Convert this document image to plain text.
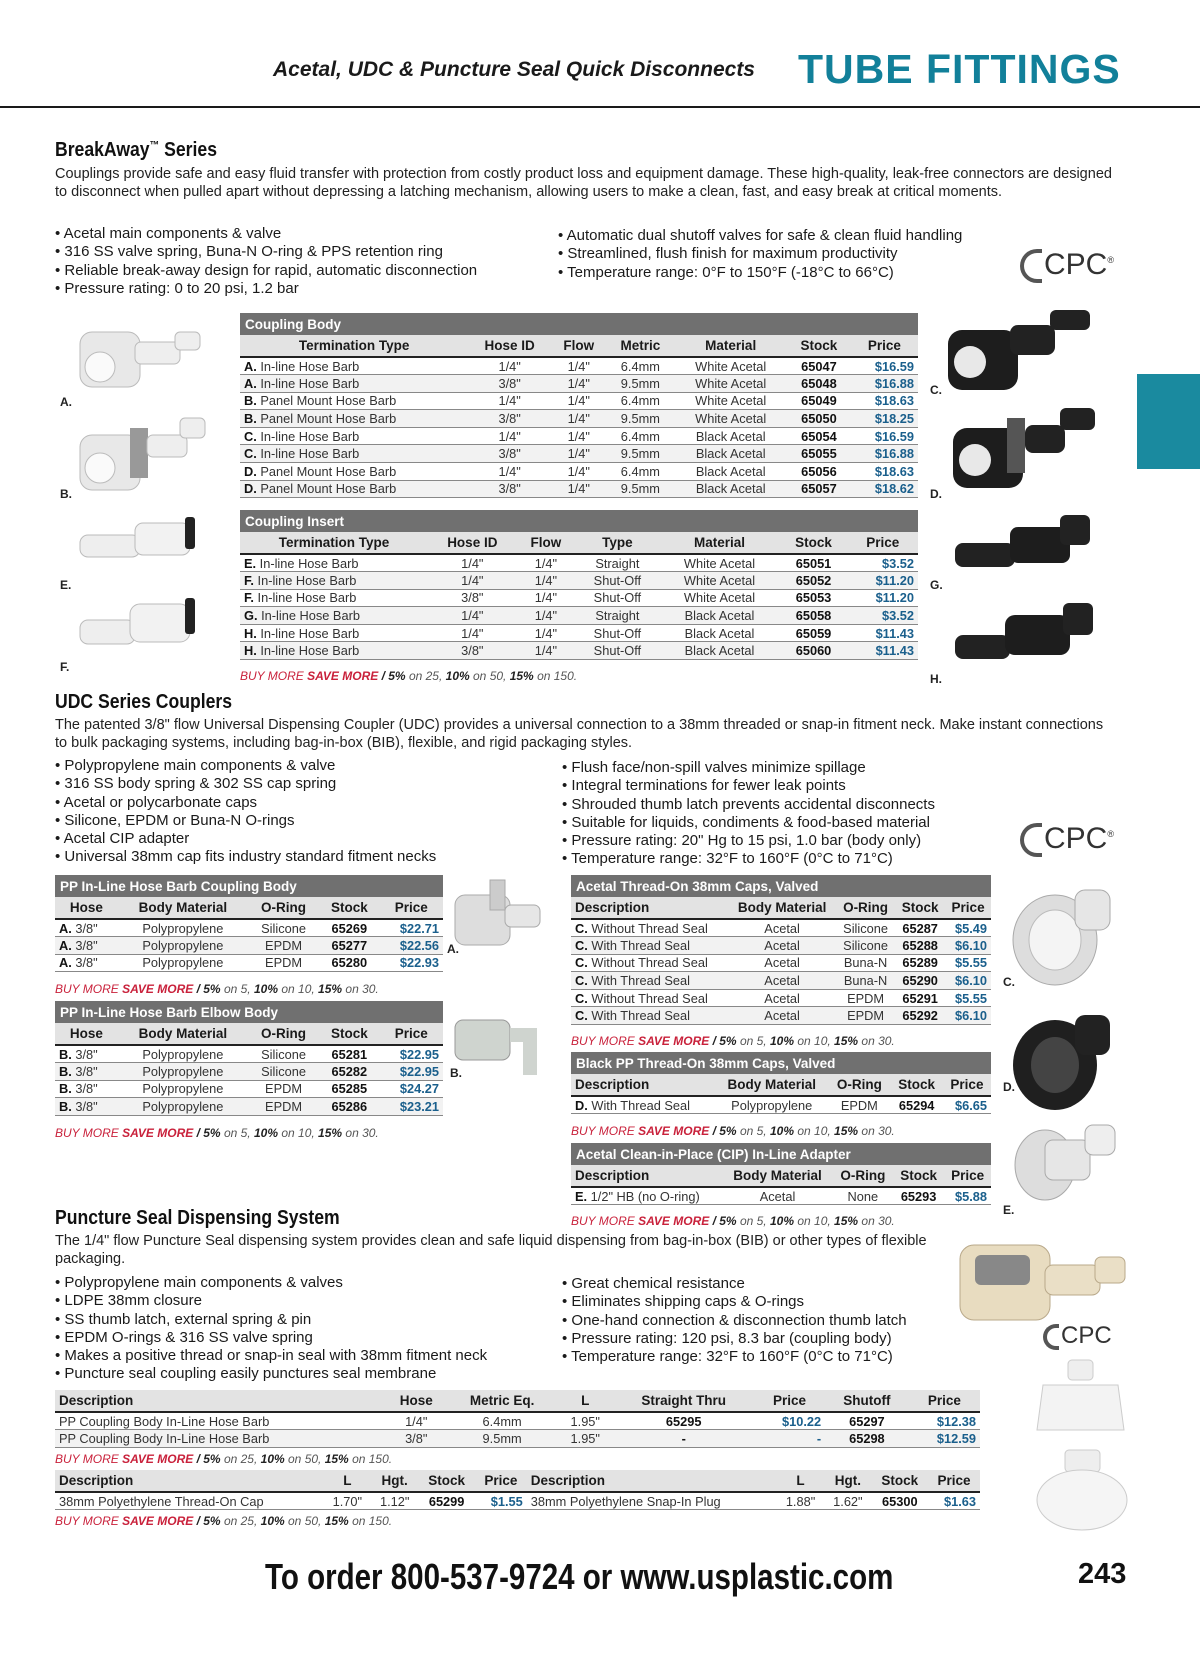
Acetal, UDC & Puncture Seal Quick Disconnects TUBE FITTINGS
BreakAway™ Series
Couplings provide safe and easy fluid transfer with protection from costly product loss and equipment damage. These high-quality, leak-free connectors are designed to disconnect when pulled apart without depressing a latching mechanism, allowing users to make a clean, fast, and easy break at critical moments.
• Acetal main components & valve
• 316 SS valve spring, Buna-N O-ring & PPS retention ring
• Reliable break-away design for rapid, automatic disconnection
• Pressure rating: 0 to 20 psi, 1.2 bar
• Automatic dual shutoff valves for safe & clean fluid handling
• Streamlined, flush finish for maximum productivity
• Temperature range: 0°F to 150°F (-18°C to 66°C)	CPC®
A.
B.
E.
F.
C.
D.
G.
H.
Coupling Body						
Termination Type	Hose ID	Flow	Metric	Material	Stock	Price
A. In-line Hose Barb	1/4"	1/4"	6.4mm	White Acetal	65047	$16.59
A. In-line Hose Barb	3/8"	1/4"	9.5mm	White Acetal	65048	$16.88
B. Panel Mount Hose Barb	1/4"	1/4"	6.4mm	White Acetal	65049	$18.63
B. Panel Mount Hose Barb	3/8"	1/4"	9.5mm	White Acetal	65050	$18.25
C. In-line Hose Barb	1/4"	1/4"	6.4mm	Black Acetal	65054	$16.59
C. In-line Hose Barb	3/8"	1/4"	9.5mm	Black Acetal	65055	$16.88
D. Panel Mount Hose Barb	1/4"	1/4"	6.4mm	Black Acetal	65056	$18.63
D. Panel Mount Hose Barb	3/8"	1/4"	9.5mm	Black Acetal	65057	$18.62
Coupling Insert						
Termination Type	Hose ID	Flow	Type	Material	Stock	Price
E. In-line Hose Barb	1/4"	1/4"	Straight	White Acetal	65051	$3.52
F. In-line Hose Barb	1/4"	1/4"	Shut-Off	White Acetal	65052	$11.20
F. In-line Hose Barb	3/8"	1/4"	Shut-Off	White Acetal	65053	$11.20
G. In-line Hose Barb	1/4"	1/4"	Straight	Black Acetal	65058	$3.52
H. In-line Hose Barb	1/4"	1/4"	Shut-Off	Black Acetal	65059	$11.43
H. In-line Hose Barb	3/8"	1/4"	Shut-Off	Black Acetal	65060	$11.43
BUY MORE SAVE MORE / 5% on 25, 10% on 50, 15% on 150.
UDC Series Couplers
The patented 3/8" flow Universal Dispensing Coupler (UDC) provides a universal connection to a 38mm threaded or snap-in fitment neck. Make instant connections to bulk packaging systems, including bag-in-box (BIB), flexible, and rigid packaging styles.
• Polypropylene main components & valve
• 316 SS body spring & 302 SS cap spring
• Acetal or polycarbonate caps
• Silicone, EPDM or Buna-N O-rings
• Acetal CIP adapter
• Universal 38mm cap fits industry standard fitment necks
• Flush face/non-spill valves minimize spillage
• Integral terminations for fewer leak points
• Shrouded thumb latch prevents accidental disconnects
• Suitable for liquids, condiments & food-based material
• Pressure rating: 20" Hg to 15 psi, 1.0 bar (body only)
• Temperature range: 32°F to 160°F (0°C to 71°C)
CPC®
PP In-Line Hose Barb Coupling Body				
Hose	Body Material	O-Ring	Stock	Price
A. 3/8"	Polypropylene	Silicone	65269	$22.71
A. 3/8"	Polypropylene	EPDM	65277	$22.56
A. 3/8"	Polypropylene	EPDM	65280	$22.93
BUY MORE SAVE MORE / 5% on 5, 10% on 10, 15% on 30.
PP In-Line Hose Barb Elbow Body				
Hose	Body Material	O-Ring	Stock	Price
B. 3/8"	Polypropylene	Silicone	65281	$22.95
B. 3/8"	Polypropylene	Silicone	65282	$22.95
B. 3/8"	Polypropylene	EPDM	65285	$24.27
B. 3/8"	Polypropylene	EPDM	65286	$23.21
BUY MORE SAVE MORE / 5% on 5, 10% on 10, 15% on 30.
A.
B.
Acetal Thread-On 38mm Caps, Valved				
Description	Body Material	O-Ring	Stock	Price
C. Without Thread Seal	Acetal	Silicone	65287	$5.49
C. With Thread Seal	Acetal	Silicone	65288	$6.10
C. Without Thread Seal	Acetal	Buna-N	65289	$5.55
C. With Thread Seal	Acetal	Buna-N	65290	$6.10
C. Without Thread Seal	Acetal	EPDM	65291	$5.55
C. With Thread Seal	Acetal	EPDM	65292	$6.10
BUY MORE SAVE MORE / 5% on 5, 10% on 10, 15% on 30.
Black PP Thread-On 38mm Caps, Valved				
Description	Body Material	O-Ring	Stock	Price
D. With Thread Seal	Polypropylene	EPDM	65294	$6.65
BUY MORE SAVE MORE / 5% on 5, 10% on 10, 15% on 30.
Acetal Clean-in-Place (CIP) In-Line Adapter				
Description	Body Material	O-Ring	Stock	Price
E. 1/2" HB (no O-ring)	Acetal	None	65293	$5.88
BUY MORE SAVE MORE / 5% on 5, 10% on 10, 15% on 30.
C.
D.
E.
Puncture Seal Dispensing System
The 1/4" flow Puncture Seal dispensing system provides clean and safe liquid dispensing from bag-in-box (BIB) or other types of flexible packaging.
• Polypropylene main components & valves
• LDPE 38mm closure
• SS thumb latch, external spring & pin
• EPDM O-rings & 316 SS valve spring
• Makes a positive thread or snap-in seal with 38mm fitment neck
• Puncture seal coupling easily punctures seal membrane
• Great chemical resistance
• Eliminates shipping caps & O-rings
• One-hand connection & disconnection thumb latch
• Pressure rating: 120 psi, 8.3 bar (coupling body)
• Temperature range: 32°F to 160°F (0°C to 71°C)
CPC
Description	Hose	Metric Eq.	L	Straight Thru	Price	Shutoff	Price
PP Coupling Body In-Line Hose Barb	1/4"	6.4mm	1.95"	65295	$10.22	65297	$12.38
PP Coupling Body In-Line Hose Barb	3/8"	9.5mm	1.95"	-	-	65298	$12.59
BUY MORE SAVE MORE / 5% on 25, 10% on 50, 15% on 150.
Description	L	Hgt.	Stock	Price	Description	L	Hgt.	Stock	Price
38mm Polyethylene Thread-On Cap	1.70"	1.12"	65299	$1.55	38mm Polyethylene Snap-In Plug	1.88"	1.62"	65300	$1.63
BUY MORE SAVE MORE / 5% on 25, 10% on 50, 15% on 150.
To order 800-537-9724 or www.usplastic.com	243
